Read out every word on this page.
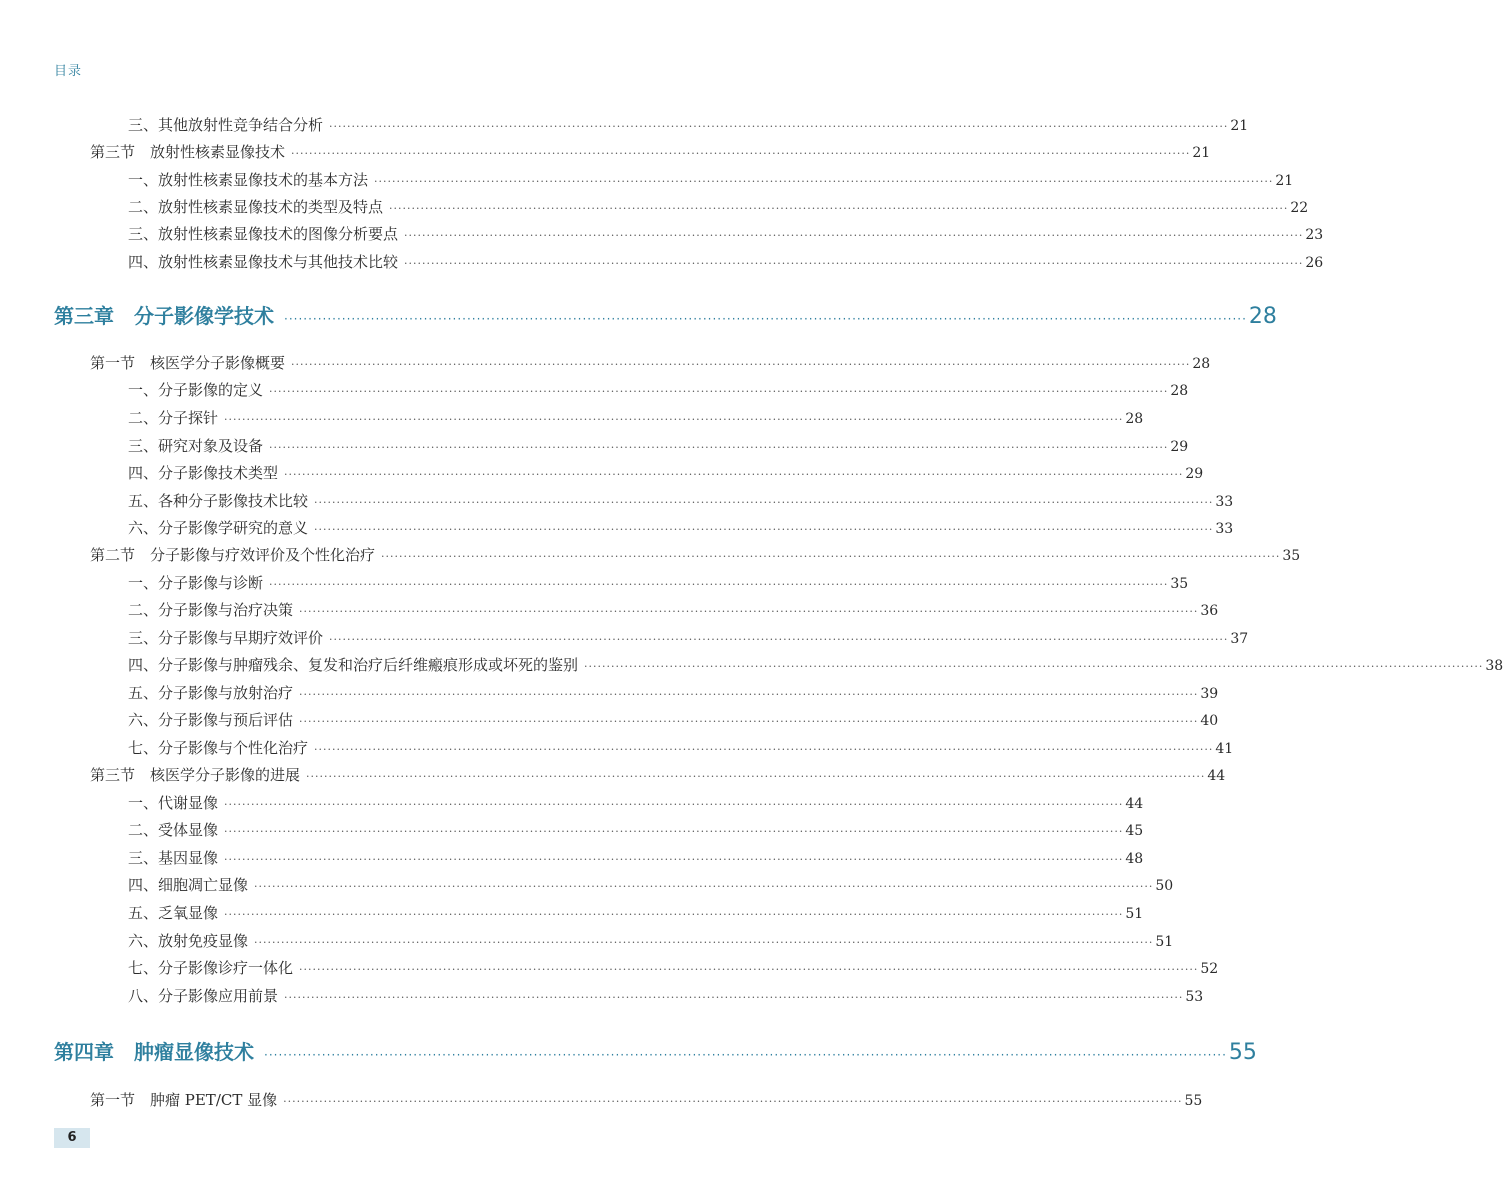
目录
三、其他放射性竞争结合分析 ········································································································································································································ 21
第三节　放射性核素显像技术 ········································································································································································································ 21
一、放射性核素显像技术的基本方法 ········································································································································································································ 21
二、放射性核素显像技术的类型及特点 ········································································································································································································ 22
三、放射性核素显像技术的图像分析要点 ········································································································································································································ 23
四、放射性核素显像技术与其他技术比较 ········································································································································································································ 26
第三章　分子影像学技术 ········································································································································································································ 28
第一节　核医学分子影像概要 ········································································································································································································ 28
一、分子影像的定义 ········································································································································································································ 28
二、分子探针 ········································································································································································································ 28
三、研究对象及设备 ········································································································································································································ 29
四、分子影像技术类型 ········································································································································································································ 29
五、各种分子影像技术比较 ········································································································································································································ 33
六、分子影像学研究的意义 ········································································································································································································ 33
第二节　分子影像与疗效评价及个性化治疗 ········································································································································································································ 35
一、分子影像与诊断 ········································································································································································································ 35
二、分子影像与治疗决策 ········································································································································································································ 36
三、分子影像与早期疗效评价 ········································································································································································································ 37
四、分子影像与肿瘤残余、复发和治疗后纤维瘢痕形成或坏死的鉴别 ········································································································································································································ 38
五、分子影像与放射治疗 ········································································································································································································ 39
六、分子影像与预后评估 ········································································································································································································ 40
七、分子影像与个性化治疗 ········································································································································································································ 41
第三节　核医学分子影像的进展 ········································································································································································································ 44
一、代谢显像 ········································································································································································································ 44
二、受体显像 ········································································································································································································ 45
三、基因显像 ········································································································································································································ 48
四、细胞凋亡显像 ········································································································································································································ 50
五、乏氧显像 ········································································································································································································ 51
六、放射免疫显像 ········································································································································································································ 51
七、分子影像诊疗一体化 ········································································································································································································ 52
八、分子影像应用前景 ········································································································································································································ 53
第四章　肿瘤显像技术 ········································································································································································································ 55
第一节　肿瘤 PET/CT 显像 ········································································································································································································ 55
6
